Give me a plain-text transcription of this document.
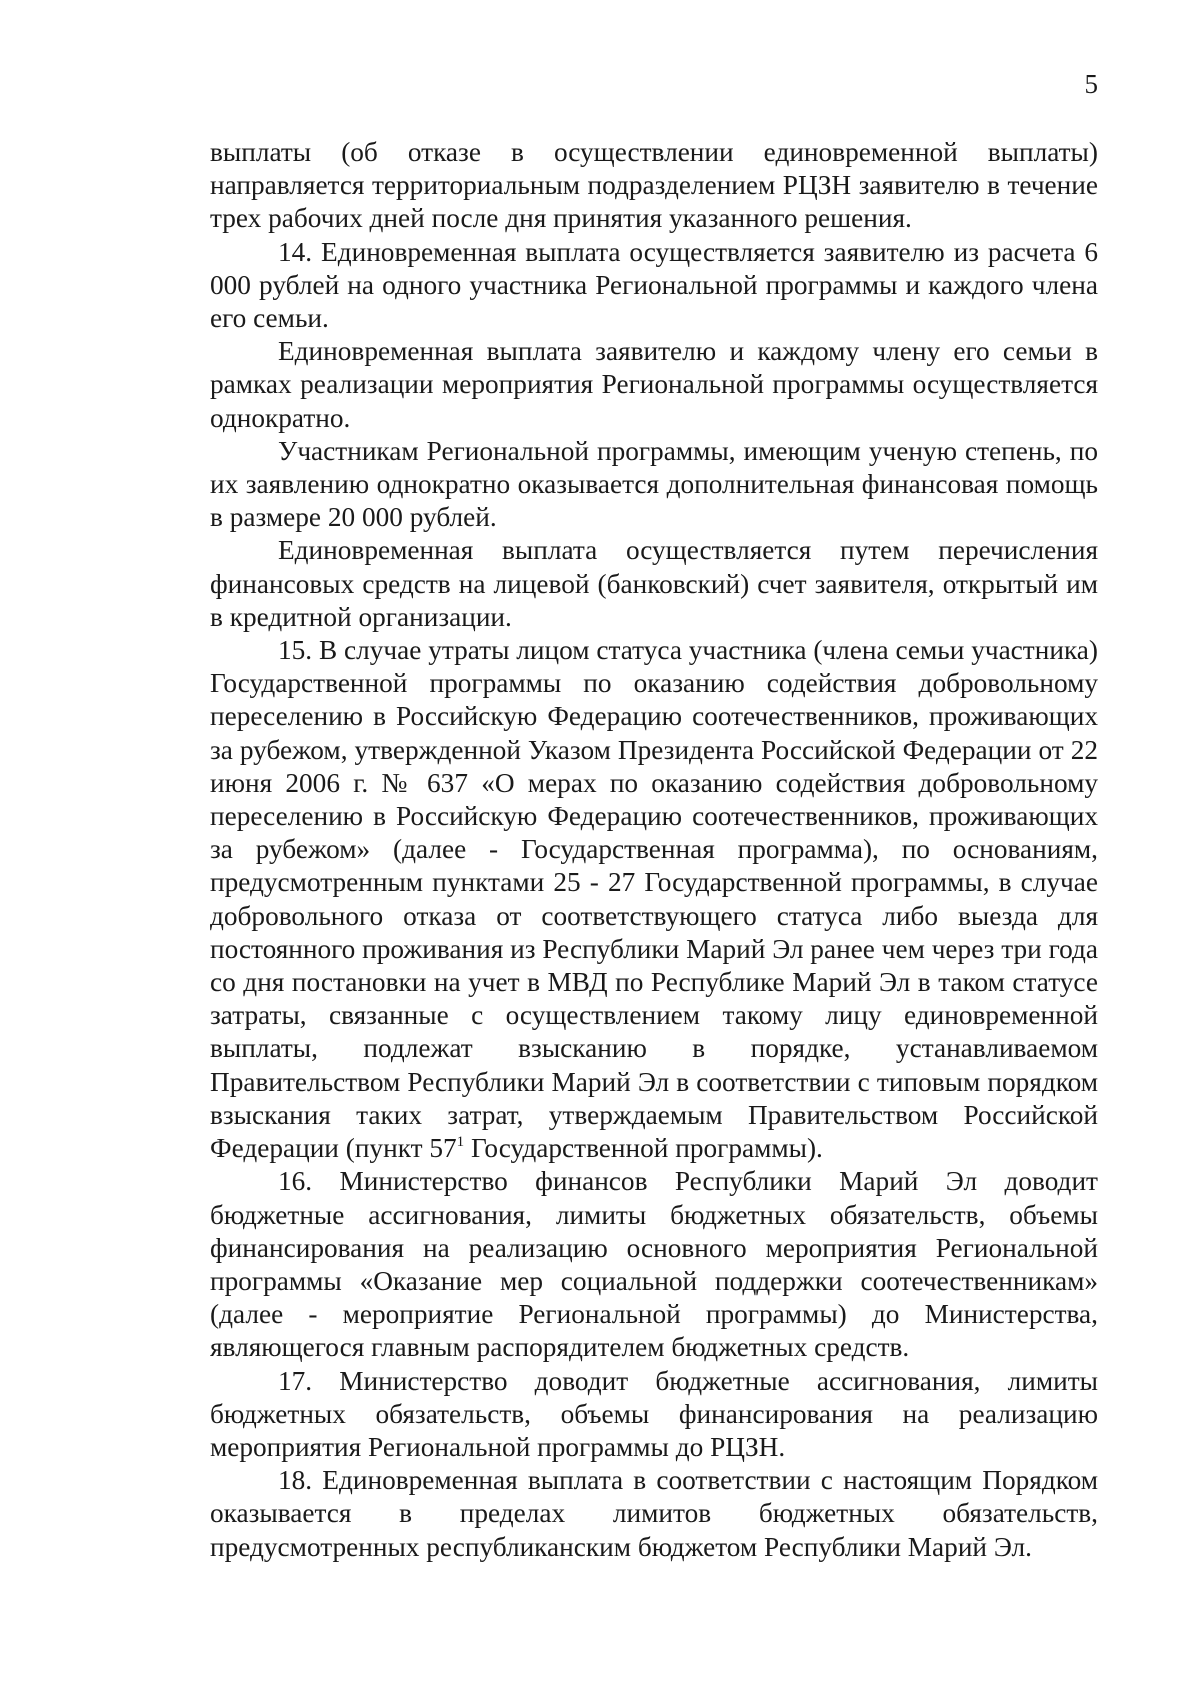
5

выплаты (об отказе в осуществлении единовременной выплаты) направляется территориальным подразделением РЦЗН заявителю в течение трех рабочих дней после дня принятия указанного решения.

14. Единовременная выплата осуществляется заявителю из расчета 6 000 рублей на одного участника Региональной программы и каждого члена его семьи.

Единовременная выплата заявителю и каждому члену его семьи в рамках реализации мероприятия Региональной программы осуществляется однократно.

Участникам Региональной программы, имеющим ученую степень, по их заявлению однократно оказывается дополнительная финансовая помощь в размере 20 000 рублей.

Единовременная выплата осуществляется путем перечисления финансовых средств на лицевой (банковский) счет заявителя, открытый им в кредитной организации.

15. В случае утраты лицом статуса участника (члена семьи участника) Государственной программы по оказанию содействия добровольному переселению в Российскую Федерацию соотечественников, проживающих за рубежом, утвержденной Указом Президента Российской Федерации от 22 июня 2006 г. № 637 «О мерах по оказанию содействия добровольному переселению в Российскую Федерацию соотечественников, проживающих за рубежом» (далее - Государственная программа), по основаниям, предусмотренным пунктами 25 - 27 Государственной программы, в случае добровольного отказа от соответствующего статуса либо выезда для постоянного проживания из Республики Марий Эл ранее чем через три года со дня постановки на учет в МВД по Республике Марий Эл в таком статусе затраты, связанные с осуществлением такому лицу единовременной выплаты, подлежат взысканию в порядке, устанавливаемом Правительством Республики Марий Эл в соответствии с типовым порядком взыскания таких затрат, утверждаемым Правительством Российской Федерации (пункт $57^1$ Государственной программы).

16. Министерство финансов Республики Марий Эл доводит бюджетные ассигнования, лимиты бюджетных обязательств, объемы финансирования на реализацию основного мероприятия Региональной программы «Оказание мер социальной поддержки соотечественникам» (далее - мероприятие Региональной программы) до Министерства, являющегося главным распорядителем бюджетных средств.

17. Министерство доводит бюджетные ассигнования, лимиты бюджетных обязательств, объемы финансирования на реализацию мероприятия Региональной программы до РЦЗН.

18. Единовременная выплата в соответствии с настоящим Порядком оказывается в пределах лимитов бюджетных обязательств, предусмотренных республиканским бюджетом Республики Марий Эл.
